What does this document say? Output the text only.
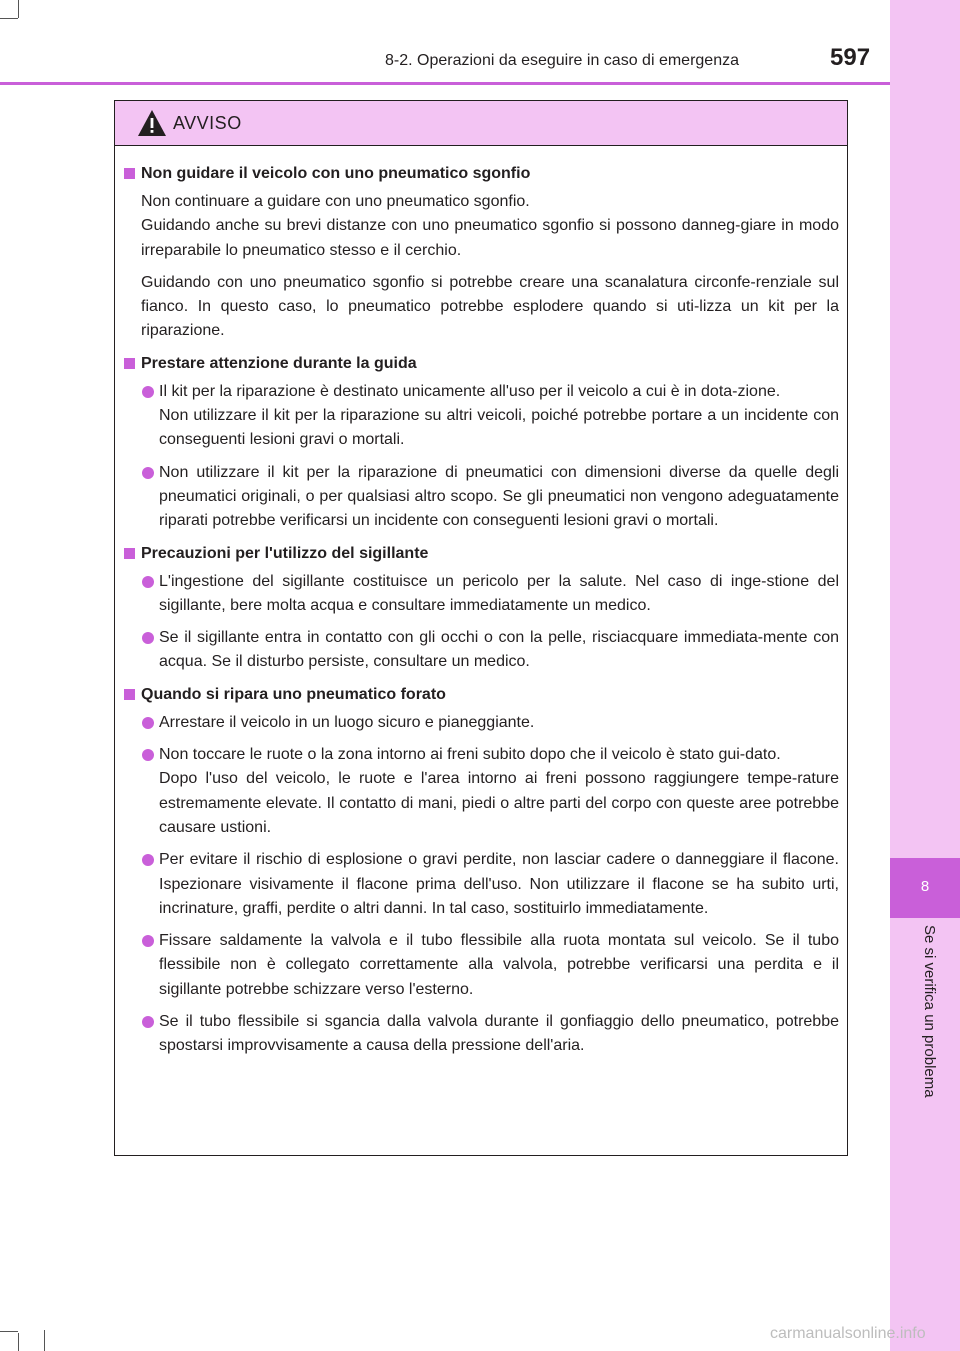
8
Se si verifica un problema
8-2. Operazioni da eseguire in caso di emergenza	597
AVVISO
Non guidare il veicolo con uno pneumatico sgonfio

Non continuare a guidare con uno pneumatico sgonfio.
Guidando anche su brevi distanze con uno pneumatico sgonfio si possono danneg-giare in modo irreparabile lo pneumatico stesso e il cerchio.

Guidando con uno pneumatico sgonfio si potrebbe creare una scanalatura circonfe-renziale sul fianco. In questo caso, lo pneumatico potrebbe esplodere quando si uti-lizza un kit per la riparazione.

Prestare attenzione durante la guida
Il kit per la riparazione è destinato unicamente all'uso per il veicolo a cui è in dota-zione.
Non utilizzare il kit per la riparazione su altri veicoli, poiché potrebbe portare a un incidente con conseguenti lesioni gravi o mortali.
Non utilizzare il kit per la riparazione di pneumatici con dimensioni diverse da quelle degli pneumatici originali, o per qualsiasi altro scopo. Se gli pneumatici non vengono adeguatamente riparati potrebbe verificarsi un incidente con conseguenti lesioni gravi o mortali.
Precauzioni per l'utilizzo del sigillante
L'ingestione del sigillante costituisce un pericolo per la salute. Nel caso di inge-stione del sigillante, bere molta acqua e consultare immediatamente un medico.
Se il sigillante entra in contatto con gli occhi o con la pelle, risciacquare immediata-mente con acqua. Se il disturbo persiste, consultare un medico.
Quando si ripara uno pneumatico forato
Arrestare il veicolo in un luogo sicuro e pianeggiante.
Non toccare le ruote o la zona intorno ai freni subito dopo che il veicolo è stato gui-dato.
Dopo l'uso del veicolo, le ruote e l'area intorno ai freni possono raggiungere tempe-rature estremamente elevate. Il contatto di mani, piedi o altre parti del corpo con queste aree potrebbe causare ustioni.
Per evitare il rischio di esplosione o gravi perdite, non lasciar cadere o danneggiare il flacone. Ispezionare visivamente il flacone prima dell'uso. Non utilizzare il flacone se ha subito urti, incrinature, graffi, perdite o altri danni. In tal caso, sostituirlo immediatamente.
Fissare saldamente la valvola e il tubo flessibile alla ruota montata sul veicolo. Se il tubo flessibile non è collegato correttamente alla valvola, potrebbe verificarsi una perdita e il sigillante potrebbe schizzare verso l'esterno.
Se il tubo flessibile si sgancia dalla valvola durante il gonfiaggio dello pneumatico, potrebbe spostarsi improvvisamente a causa della pressione dell'aria.
carmanualsonline.info
